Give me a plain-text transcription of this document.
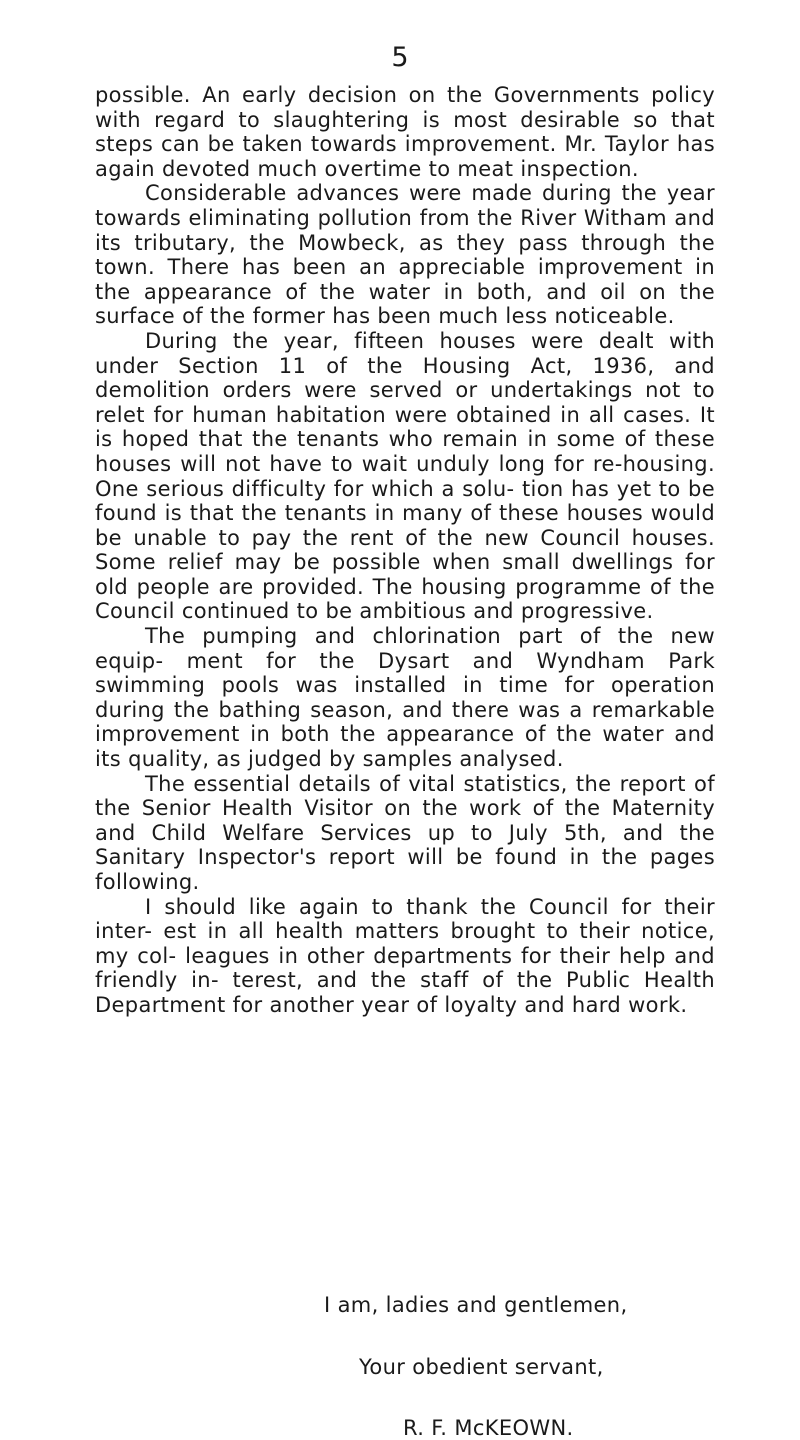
5

possible. An early decision on the Governments policy with regard to slaughtering is most desirable so that steps can be taken towards improvement. Mr. Taylor has again devoted much overtime to meat inspection.

Considerable advances were made during the year towards eliminating pollution from the River Witham and its tributary, the Mowbeck, as they pass through the town. There has been an appreciable improvement in the appearance of the water in both, and oil on the surface of the former has been much less noticeable.

During the year, fifteen houses were dealt with under Section 11 of the Housing Act, 1936, and demolition orders were served or undertakings not to relet for human habitation were obtained in all cases. It is hoped that the tenants who remain in some of these houses will not have to wait unduly long for re-housing. One serious difficulty for which a solu- tion has yet to be found is that the tenants in many of these houses would be unable to pay the rent of the new Council houses. Some relief may be possible when small dwellings for old people are provided. The housing programme of the Council continued to be ambitious and progressive.

The pumping and chlorination part of the new equip- ment for the Dysart and Wyndham Park swimming pools was installed in time for operation during the bathing season, and there was a remarkable improvement in both the appearance of the water and its quality, as judged by samples analysed.

The essential details of vital statistics, the report of the Senior Health Visitor on the work of the Maternity and Child Welfare Services up to July 5th, and the Sanitary Inspector's report will be found in the pages following.

I should like again to thank the Council for their inter- est in all health matters brought to their notice, my col- leagues in other departments for their help and friendly in- terest, and the staff of the Public Health Department for another year of loyalty and hard work.

I am, ladies and gentlemen,
Your obedient servant,
R. F. McKEOWN.
